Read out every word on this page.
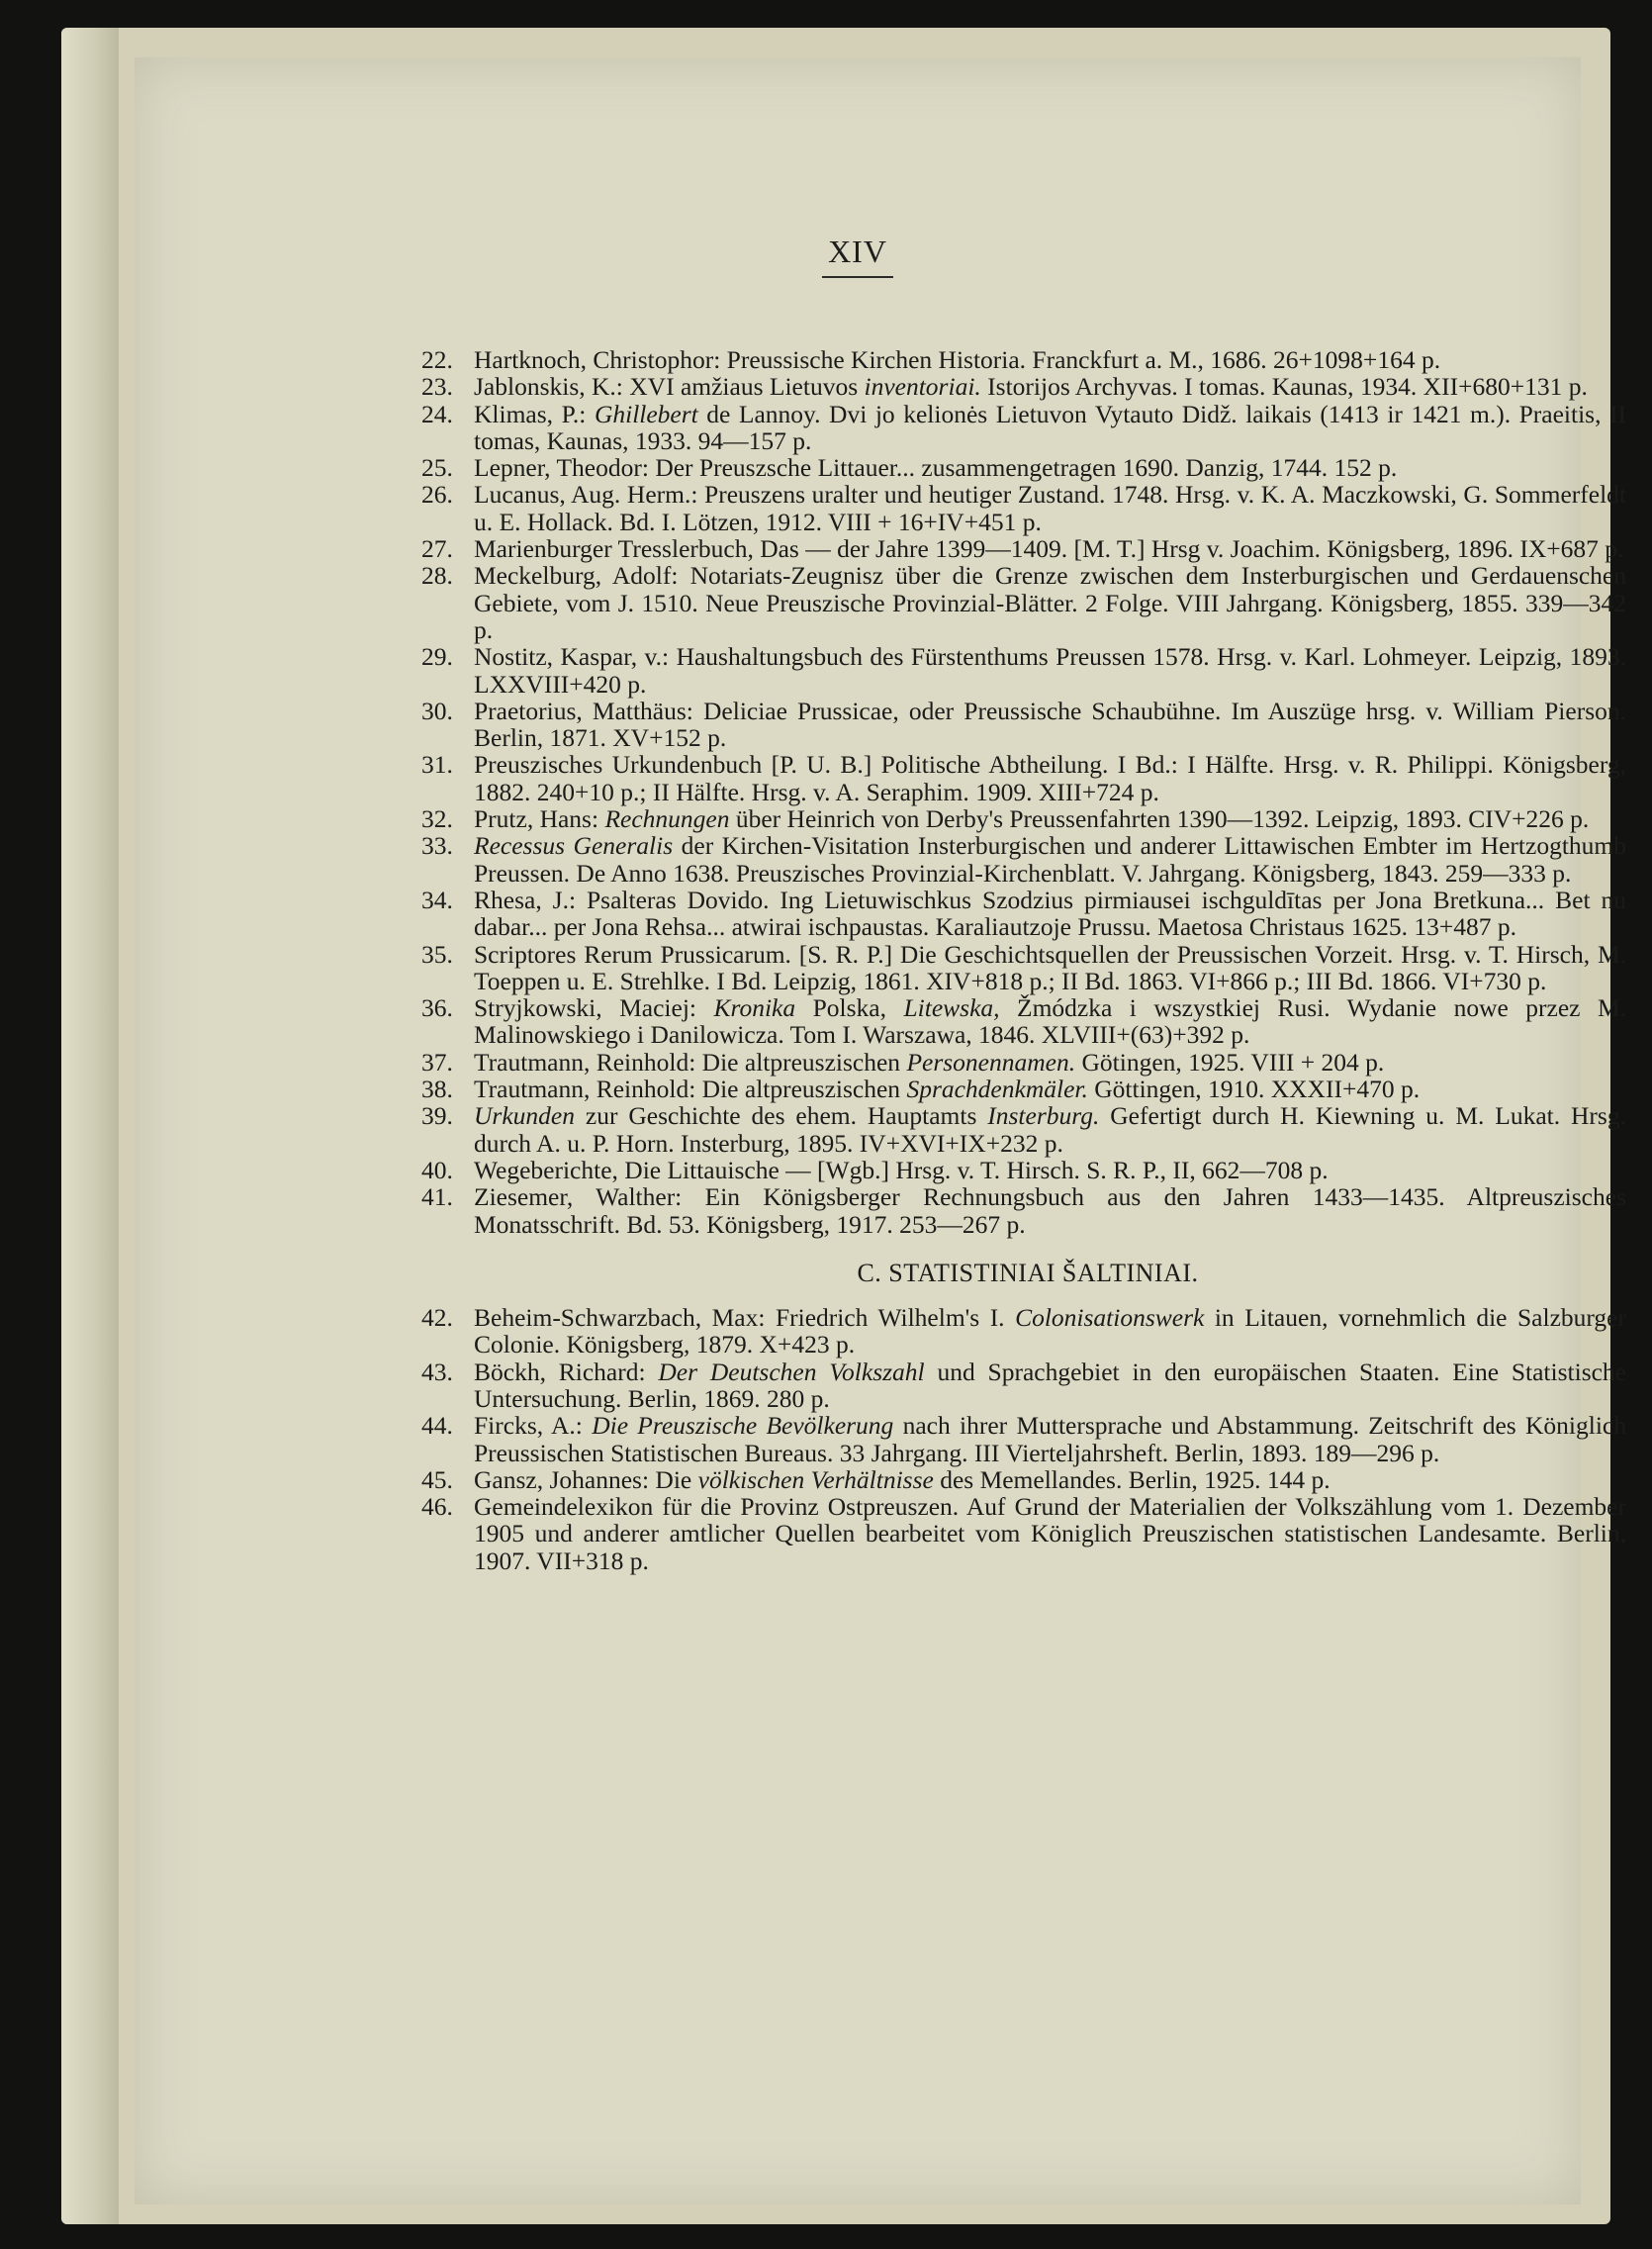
XIV
22. Hartknoch, Christophor: Preussische Kirchen Historia. Franckfurt a. M., 1686. 26+1098+164 p.
23. Jablonskis, K.: XVI amžiaus Lietuvos inventoriai. Istorijos Archyvas. I tomas. Kaunas, 1934. XII+680+131 p.
24. Klimas, P.: Ghillebert de Lannoy. Dvi jo kelionės Lietuvon Vytauto Didž. laikais (1413 ir 1421 m.). Praeitis, II tomas, Kaunas, 1933. 94—157 p.
25. Lepner, Theodor: Der Preuszsche Littauer... zusammengetragen 1690. Danzig, 1744. 152 p.
26. Lucanus, Aug. Herm.: Preuszens uralter und heutiger Zustand. 1748. Hrsg. v. K. A. Maczkowski, G. Sommerfeldt u. E. Hollack. Bd. I. Lötzen, 1912. VIII + 16+IV+451 p.
27. Marienburger Tresslerbuch, Das — der Jahre 1399—1409. [M. T.] Hrsg v. Joachim. Königsberg, 1896. IX+687 p.
28. Meckelburg, Adolf: Notariats-Zeugnisz über die Grenze zwischen dem Insterburgischen und Gerdauenschen Gebiete, vom J. 1510. Neue Preuszische Provinzial-Blätter. 2 Folge. VIII Jahrgang. Königsberg, 1855. 339—342 p.
29. Nostitz, Kaspar, v.: Haushaltungsbuch des Fürstenthums Preussen 1578. Hrsg. v. Karl. Lohmeyer. Leipzig, 1893. LXXVIII+420 p.
30. Praetorius, Matthäus: Deliciae Prussicae, oder Preussische Schaubühne. Im Auszüge hrsg. v. William Pierson. Berlin, 1871. XV+152 p.
31. Preuszisches Urkundenbuch [P. U. B.] Politische Abtheilung. I Bd.: I Hälfte. Hrsg. v. R. Philippi. Königsberg, 1882. 240+10 p.; II Hälfte. Hrsg. v. A. Seraphim. 1909. XIII+724 p.
32. Prutz, Hans: Rechnungen über Heinrich von Derby's Preussenfahrten 1390—1392. Leipzig, 1893. CIV+226 p.
33. Recessus Generalis der Kirchen-Visitation Insterburgischen und anderer Littawischen Embter im Hertzogthumb Preussen. De Anno 1638. Preuszisches Provinzial-Kirchenblatt. V. Jahrgang. Königsberg, 1843. 259—333 p.
34. Rhesa, J.: Psalteras Dovido. Ing Lietuwischkus Szodzius pirmiausei ischguldītas per Jona Bretkuna... Bet nu dabar... per Jona Rehsa... atwirai ischpaustas. Karaliautzoje Prussu. Maetosa Christaus 1625. 13+487 p.
35. Scriptores Rerum Prussicarum. [S. R. P.] Die Geschichtsquellen der Preussischen Vorzeit. Hrsg. v. T. Hirsch, M. Toeppen u. E. Strehlke. I Bd. Leipzig, 1861. XIV+818 p.; II Bd. 1863. VI+866 p.; III Bd. 1866. VI+730 p.
36. Stryjkowski, Maciej: Kronika Polska, Litewska, Žmódzka i wszystkiej Rusi. Wydanie nowe przez M. Malinowskiego i Danilowicza. Tom I. Warszawa, 1846. XLVIII+(63)+392 p.
37. Trautmann, Reinhold: Die altpreuszischen Personennamen. Götingen, 1925. VIII + 204 p.
38. Trautmann, Reinhold: Die altpreuszischen Sprachdenkmäler. Göttingen, 1910. XXXII+470 p.
39. Urkunden zur Geschichte des ehem. Hauptamts Insterburg. Gefertigt durch H. Kiewning u. M. Lukat. Hrsg. durch A. u. P. Horn. Insterburg, 1895. IV+XVI+IX+232 p.
40. Wegeberichte, Die Littauische — [Wgb.] Hrsg. v. T. Hirsch. S. R. P., II, 662—708 p.
41. Ziesemer, Walther: Ein Königsberger Rechnungsbuch aus den Jahren 1433—1435. Altpreuszisches Monatsschrift. Bd. 53. Königsberg, 1917. 253—267 p.
C. STATISTINIAI ŠALTINIAI.
42. Beheim-Schwarzbach, Max: Friedrich Wilhelm's I. Colonisationswerk in Litauen, vornehmlich die Salzburger Colonie. Königsberg, 1879. X+423 p.
43. Böckh, Richard: Der Deutschen Volkszahl und Sprachgebiet in den europäischen Staaten. Eine Statistische Untersuchung. Berlin, 1869. 280 p.
44. Fircks, A.: Die Preuszische Bevölkerung nach ihrer Muttersprache und Abstammung. Zeitschrift des Königlich Preussischen Statistischen Bureaus. 33 Jahrgang. III Vierteljahrsheft. Berlin, 1893. 189—296 p.
45. Gansz, Johannes: Die völkischen Verhältnisse des Memellandes. Berlin, 1925. 144 p.
46. Gemeindelexikon für die Provinz Ostpreuszen. Auf Grund der Materialien der Volkszählung vom 1. Dezember 1905 und anderer amtlicher Quellen bearbeitet vom Königlich Preuszischen statistischen Landesamte. Berlin, 1907. VII+318 p.
